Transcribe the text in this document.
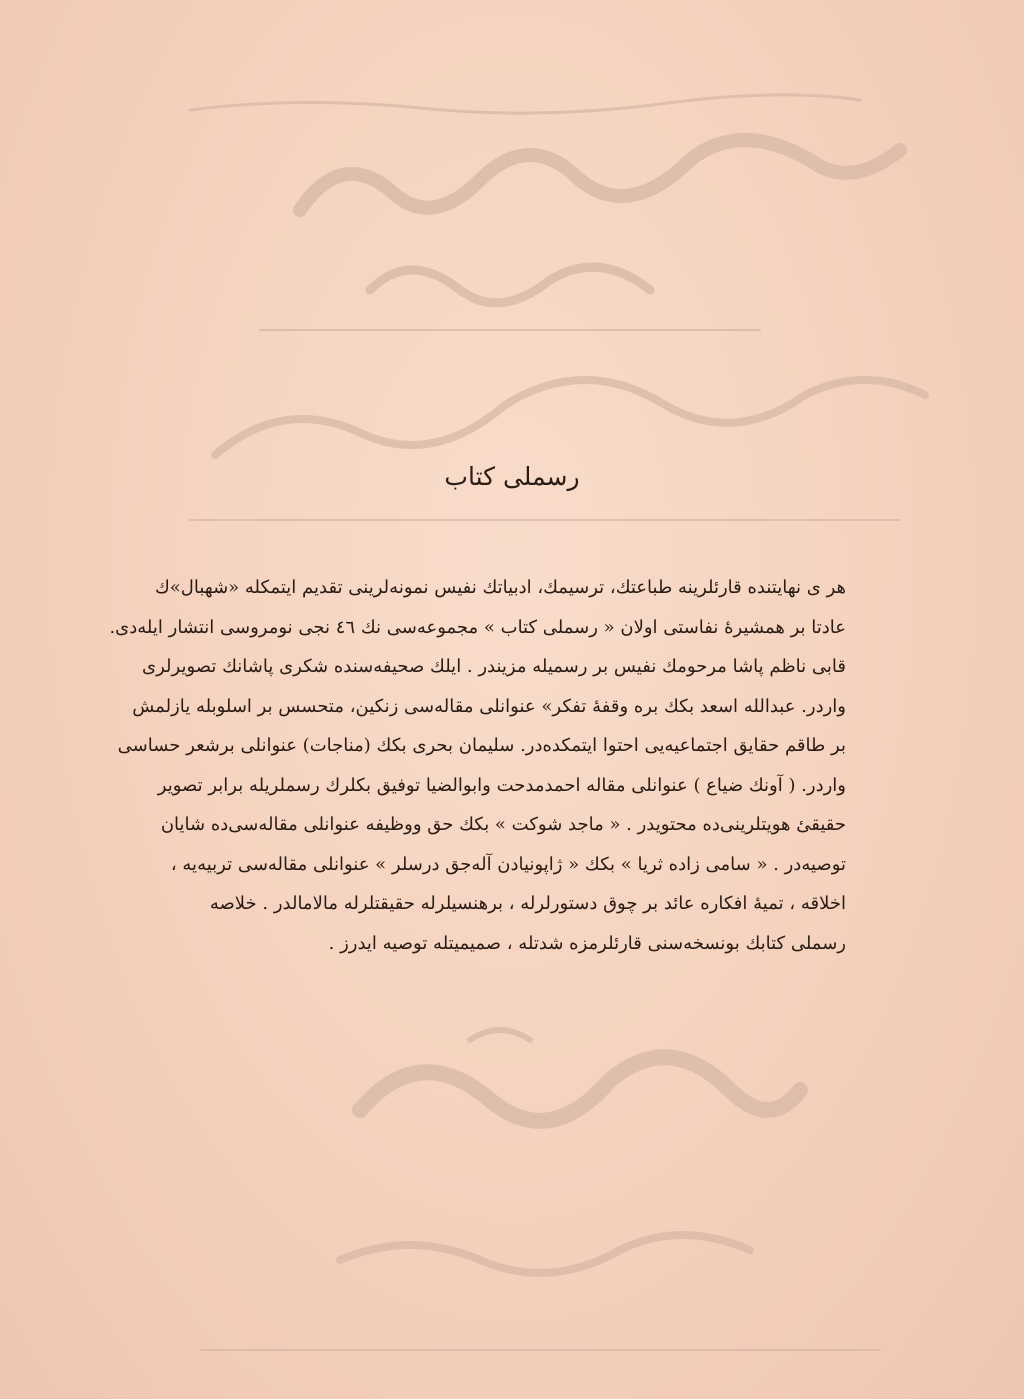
رسملی کتاب

هر ی نهایتنده قارئلرینه طباعتك، ترسیمك، ادبیاتك نفیس نمونه‌لرینی تقدیم ایتمكله «شهبال»ك

عادتا بر همشیره‌ٔ نفاستی اولان « رسملی كتاب » مجموعه‌سی نك ٤٦ نجی نومروسی انتشار ایله‌دی.

قابی ناظم پاشا مرحومك نفیس بر رسمیله مزیندر . ایلك صحیفه‌سنده شكری پاشانك تصویرلری

واردر. عبدالله اسعد بكك بره وقفهٔ تفكر» عنوانلی مقاله‌سی زنكین، متحسس بر اسلوبله یازلمش

بر طاقم حقایق اجتماعیه‌یی احتوا ایتمكده‌در. سلیمان بحری بكك (مناجات) عنوانلی برشعر حساسی

واردر. ( آونك ضیاع ) عنوانلی مقاله احمدمدحت وابوالضیا توفیق بكلرك رسملریله برابر تصویر

حقیقیٔ هویتلرینی‌ده محتویدر . « ماجد شوكت » بكك حق ووظیفه عنوانلی مقاله‌سی‌ده شایان

توصیه‌در . « سامی زاده ثریا » بكك « ژاپونیادن آله‌جق درسلر » عنوانلی مقاله‌سی تربیه‌یه ،

اخلاقه ، تمیهٔ افكاره عائد بر چوق دستورلرله ، برهنسیلرله حقیقتلرله مالامالدر . خلاصه

رسملی كتابك بونسخه‌سنی قارئلرمزه شدتله ، صمیمیتله توصیه ایدرز .
